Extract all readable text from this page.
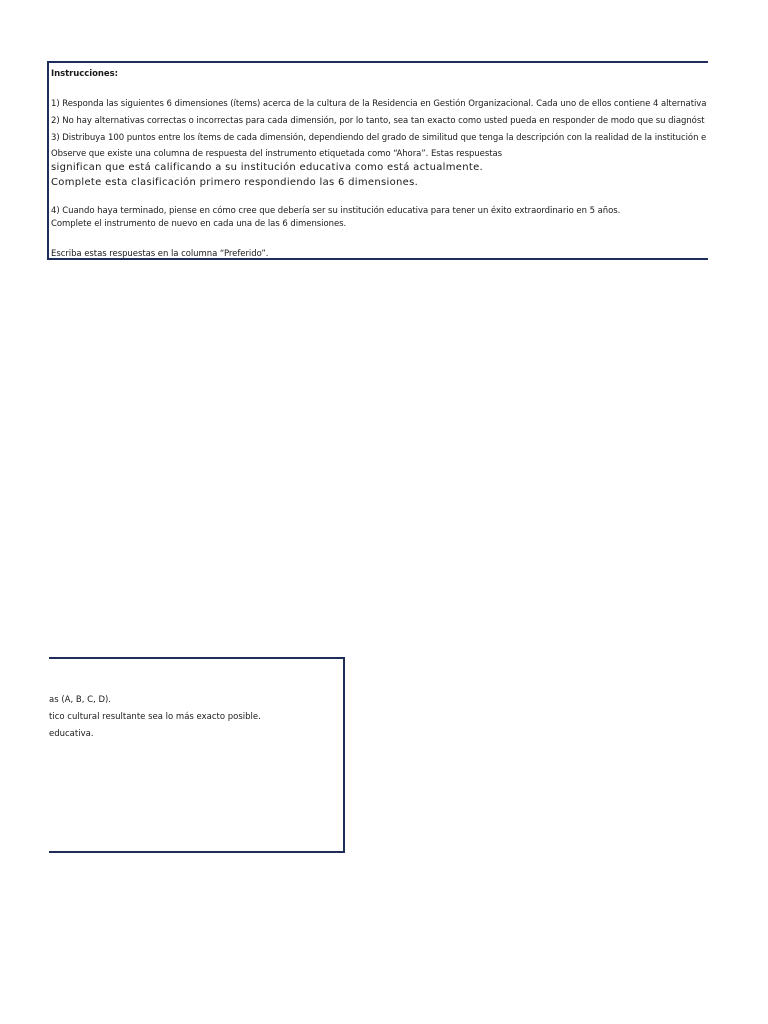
Instrucciones:
1) Responda las siguientes 6 dimensiones (ítems) acerca de la cultura de la Residencia en Gestión Organizacional. Cada uno de ellos contiene 4 alternativa
2) No hay alternativas correctas o incorrectas para cada dimensión, por lo tanto, sea tan exacto como usted pueda en responder de modo que su diagnóst
3) Distribuya 100 puntos entre los ítems de cada dimensión, dependiendo del grado de similitud que tenga la descripción con la realidad de la institución e
Observe que existe una columna de respuesta del instrumento etiquetada como “Ahora”. Estas respuestas
significan que está calificando a su institución educativa como está actualmente.
Complete esta clasificación primero respondiendo las 6 dimensiones.
4) Cuando haya terminado, piense en cómo cree que debería ser su institución educativa para tener un éxito extraordinario en 5 años.
Complete el instrumento de nuevo en cada una de las 6 dimensiones.
Escriba estas respuestas en la columna “Preferido”.
as (A, B, C, D).
tico cultural resultante sea lo más exacto posible.
educativa.
